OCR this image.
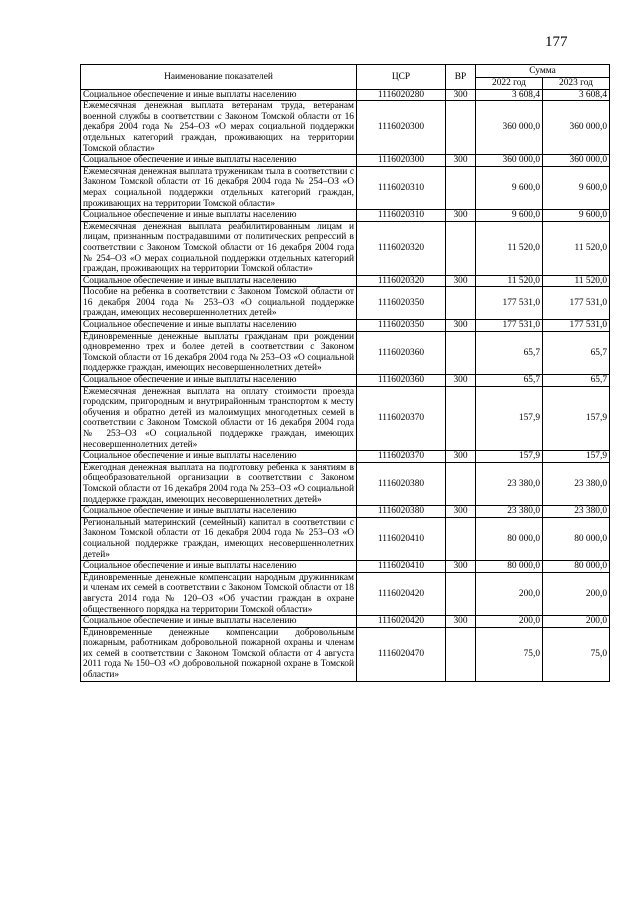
177
Наименование показателей	ЦСР	ВР	Сумма	
			2022 год	2023 год
Социальное обеспечение и иные выплаты населению	1116020280	300	3 608,4	3 608,4
Ежемесячная денежная выплата ветеранам труда, ветеранам военной службы в соответствии с Законом Томской области от 16 декабря 2004 года № 254–ОЗ «О мерах социальной поддержки отдельных категорий граждан, проживающих на территории Томской области»	1116020300		360 000,0	360 000,0
Социальное обеспечение и иные выплаты населению	1116020300	300	360 000,0	360 000,0
Ежемесячная денежная выплата труженикам тыла в соответствии с Законом Томской области от 16 декабря 2004 года № 254–ОЗ «О мерах социальной поддержки отдельных категорий граждан, проживающих на территории Томской области»	1116020310		9 600,0	9 600,0
Социальное обеспечение и иные выплаты населению	1116020310	300	9 600,0	9 600,0
Ежемесячная денежная выплата реабилитированным лицам и лицам, признанным пострадавшими от политических репрессий в соответствии с Законом Томской области от 16 декабря 2004 года № 254–ОЗ «О мерах социальной поддержки отдельных категорий граждан, проживающих на территории Томской области»	1116020320		11 520,0	11 520,0
Социальное обеспечение и иные выплаты населению	1116020320	300	11 520,0	11 520,0
Пособие на ребенка в соответствии с Законом Томской области от 16 декабря 2004 года № 253–ОЗ «О социальной поддержке граждан, имеющих несовершеннолетних детей»	1116020350		177 531,0	177 531,0
Социальное обеспечение и иные выплаты населению	1116020350	300	177 531,0	177 531,0
Единовременные денежные выплаты гражданам при рождении одновременно трех и более детей в соответствии с Законом Томской области от 16 декабря 2004 года № 253–ОЗ «О социальной поддержке граждан, имеющих несовершеннолетних детей»	1116020360		65,7	65,7
Социальное обеспечение и иные выплаты населению	1116020360	300	65,7	65,7
Ежемесячная денежная выплата на оплату стоимости проезда городским, пригородным и внутрирайонным транспортом к месту обучения и обратно детей из малоимущих многодетных семей в соответствии с Законом Томской области от 16 декабря 2004 года № 253–ОЗ «О социальной поддержке граждан, имеющих несовершеннолетних детей»	1116020370		157,9	157,9
Социальное обеспечение и иные выплаты населению	1116020370	300	157,9	157,9
Ежегодная денежная выплата на подготовку ребенка к занятиям в общеобразовательной организации в соответствии с Законом Томской области от 16 декабря 2004 года № 253–ОЗ «О социальной поддержке граждан, имеющих несовершеннолетних детей»	1116020380		23 380,0	23 380,0
Социальное обеспечение и иные выплаты населению	1116020380	300	23 380,0	23 380,0
Региональный материнский (семейный) капитал в соответствии с Законом Томской области от 16 декабря 2004 года № 253–ОЗ «О социальной поддержке граждан, имеющих несовершеннолетних детей»	1116020410		80 000,0	80 000,0
Социальное обеспечение и иные выплаты населению	1116020410	300	80 000,0	80 000,0
Единовременные денежные компенсации народным дружинникам и членам их семей в соответствии с Законом Томской области от 18 августа 2014 года № 120–ОЗ «Об участии граждан в охране общественного порядка на территории Томской области»	1116020420		200,0	200,0
Социальное обеспечение и иные выплаты населению	1116020420	300	200,0	200,0
Единовременные денежные компенсации добровольным пожарным, работникам добровольной пожарной охраны и членам их семей в соответствии с Законом Томской области от 4 августа 2011 года № 150–ОЗ «О добровольной пожарной охране в Томской области»	1116020470		75,0	75,0
